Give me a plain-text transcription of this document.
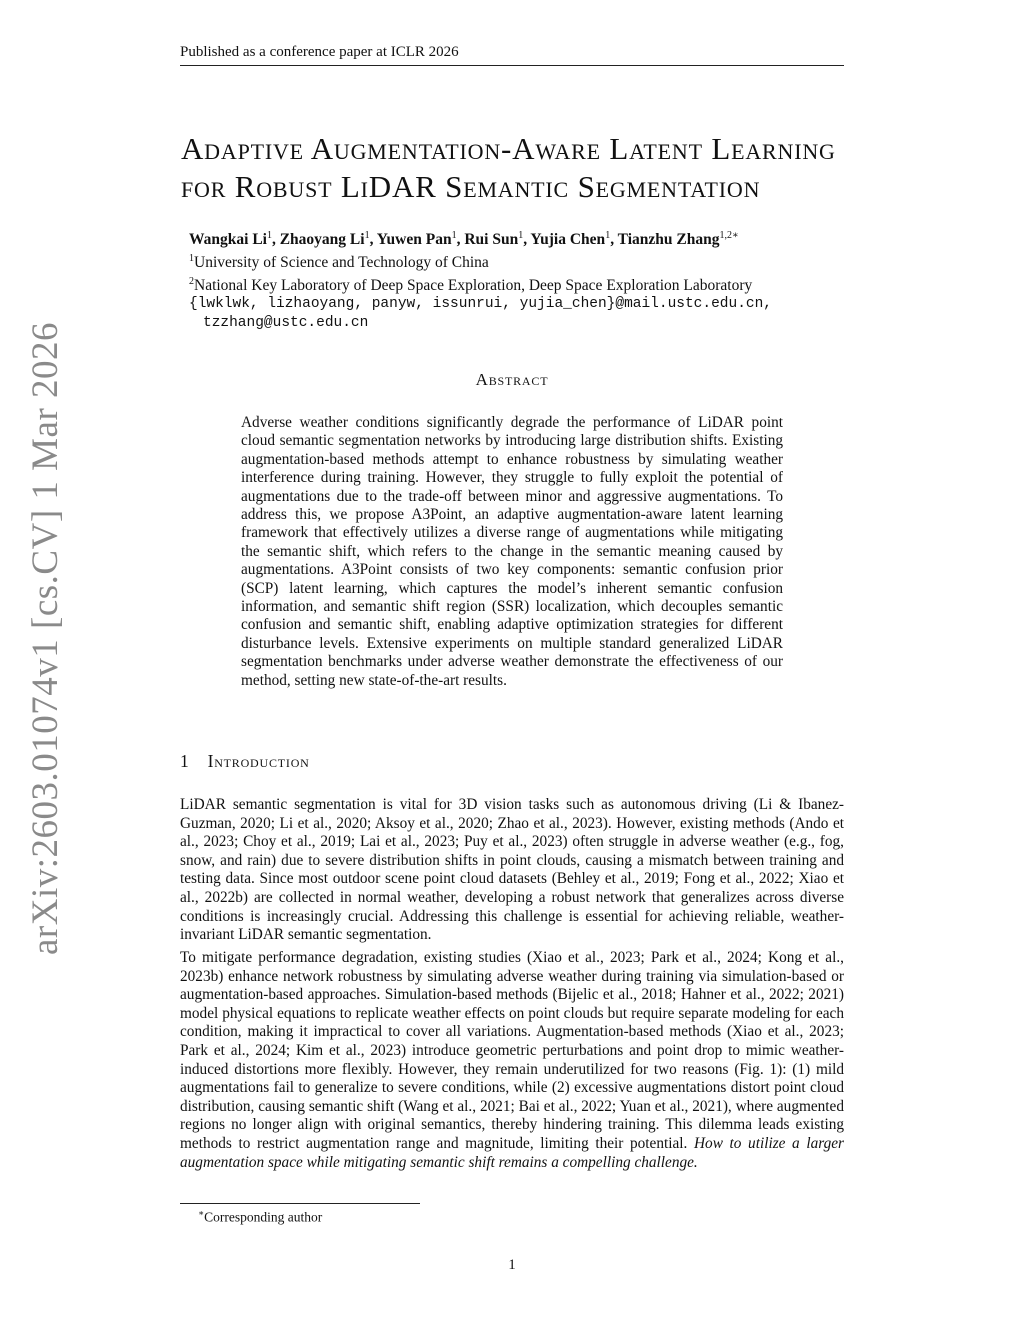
Published as a conference paper at ICLR 2026
arXiv:2603.01074v1 [cs.CV] 1 Mar 2026
Adaptive Augmentation-Aware Latent Learning for Robust LiDAR Semantic Segmentation
Wangkai Li$^1$, Zhaoyang Li$^1$, Yuwen Pan$^1$, Rui Sun$^1$, Yujia Chen$^1$, Tianzhu Zhang$^{1,2∗}$
$^1$University of Science and Technology of China
$^2$National Key Laboratory of Deep Space Exploration, Deep Space Exploration Laboratory
{lwklwk, lizhaoyang, panyw, issunrui, yujia_chen}@mail.ustc.edu.cn,
tzzhang@ustc.edu.cn
Abstract
Adverse weather conditions significantly degrade the performance of LiDAR point cloud semantic segmentation networks by introducing large distribution shifts. Existing augmentation-based methods attempt to enhance robustness by simulating weather interference during training. However, they struggle to fully exploit the potential of augmentations due to the trade-off between minor and aggressive augmentations. To address this, we propose A3Point, an adaptive augmentation-aware latent learning framework that effectively utilizes a diverse range of augmentations while mitigating the semantic shift, which refers to the change in the semantic meaning caused by augmentations. A3Point consists of two key components: semantic confusion prior (SCP) latent learning, which captures the model’s inherent semantic confusion information, and semantic shift region (SSR) localization, which decouples semantic confusion and semantic shift, enabling adaptive optimization strategies for different disturbance levels. Extensive experiments on multiple standard generalized LiDAR segmentation benchmarks under adverse weather demonstrate the effectiveness of our method, setting new state-of-the-art results.
1 Introduction
LiDAR semantic segmentation is vital for 3D vision tasks such as autonomous driving (Li & Ibanez-Guzman, 2020; Li et al., 2020; Aksoy et al., 2020; Zhao et al., 2023). However, existing methods (Ando et al., 2023; Choy et al., 2019; Lai et al., 2023; Puy et al., 2023) often struggle in adverse weather (e.g., fog, snow, and rain) due to severe distribution shifts in point clouds, causing a mismatch between training and testing data. Since most outdoor scene point cloud datasets (Behley et al., 2019; Fong et al., 2022; Xiao et al., 2022b) are collected in normal weather, developing a robust network that generalizes across diverse conditions is increasingly crucial. Addressing this challenge is essential for achieving reliable, weather-invariant LiDAR semantic segmentation.
To mitigate performance degradation, existing studies (Xiao et al., 2023; Park et al., 2024; Kong et al., 2023b) enhance network robustness by simulating adverse weather during training via simulation-based or augmentation-based approaches. Simulation-based methods (Bijelic et al., 2018; Hahner et al., 2022; 2021) model physical equations to replicate weather effects on point clouds but require separate modeling for each condition, making it impractical to cover all variations. Augmentation-based methods (Xiao et al., 2023; Park et al., 2024; Kim et al., 2023) introduce geometric perturbations and point drop to mimic weather-induced distortions more flexibly. However, they remain underutilized for two reasons (Fig. 1): (1) mild augmentations fail to generalize to severe conditions, while (2) excessive augmentations distort point cloud distribution, causing semantic shift (Wang et al., 2021; Bai et al., 2022; Yuan et al., 2021), where augmented regions no longer align with original semantics, thereby hindering training. This dilemma leads existing methods to restrict augmentation range and magnitude, limiting their potential. How to utilize a larger augmentation space while mitigating semantic shift remains a compelling challenge.
∗Corresponding author
1
